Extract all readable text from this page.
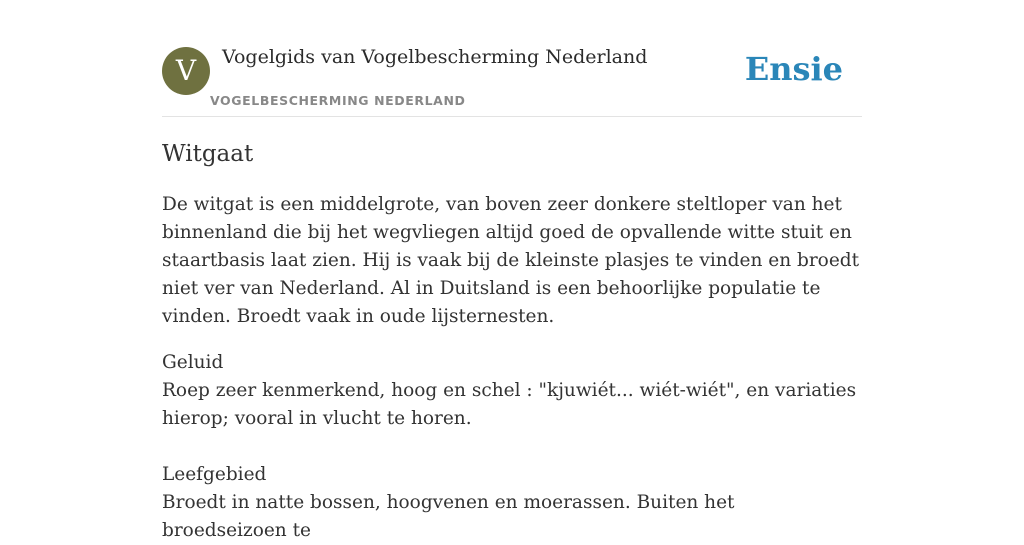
V	Vogelgids van Vogelbescherming Nederland
VOGELBESCHERMING NEDERLAND
Ensie
Witgaat

De witgat is een middelgrote, van boven zeer donkere steltloper van het binnenland die bij het wegvliegen altijd goed de opvallende witte stuit en staartbasis laat zien. Hij is vaak bij de kleinste plasjes te vinden en broedt niet ver van Nederland. Al in Duitsland is een behoorlijke populatie te vinden. Broedt vaak in oude lijsternesten.

Geluid
Roep zeer kenmerkend, hoog en schel : "kjuwiét... wiét-wiét", en variaties hierop; vooral in vlucht te horen.
Leefgebied
Broedt in natte bossen, hoogvenen en moerassen. Buiten het broedseizoen te
